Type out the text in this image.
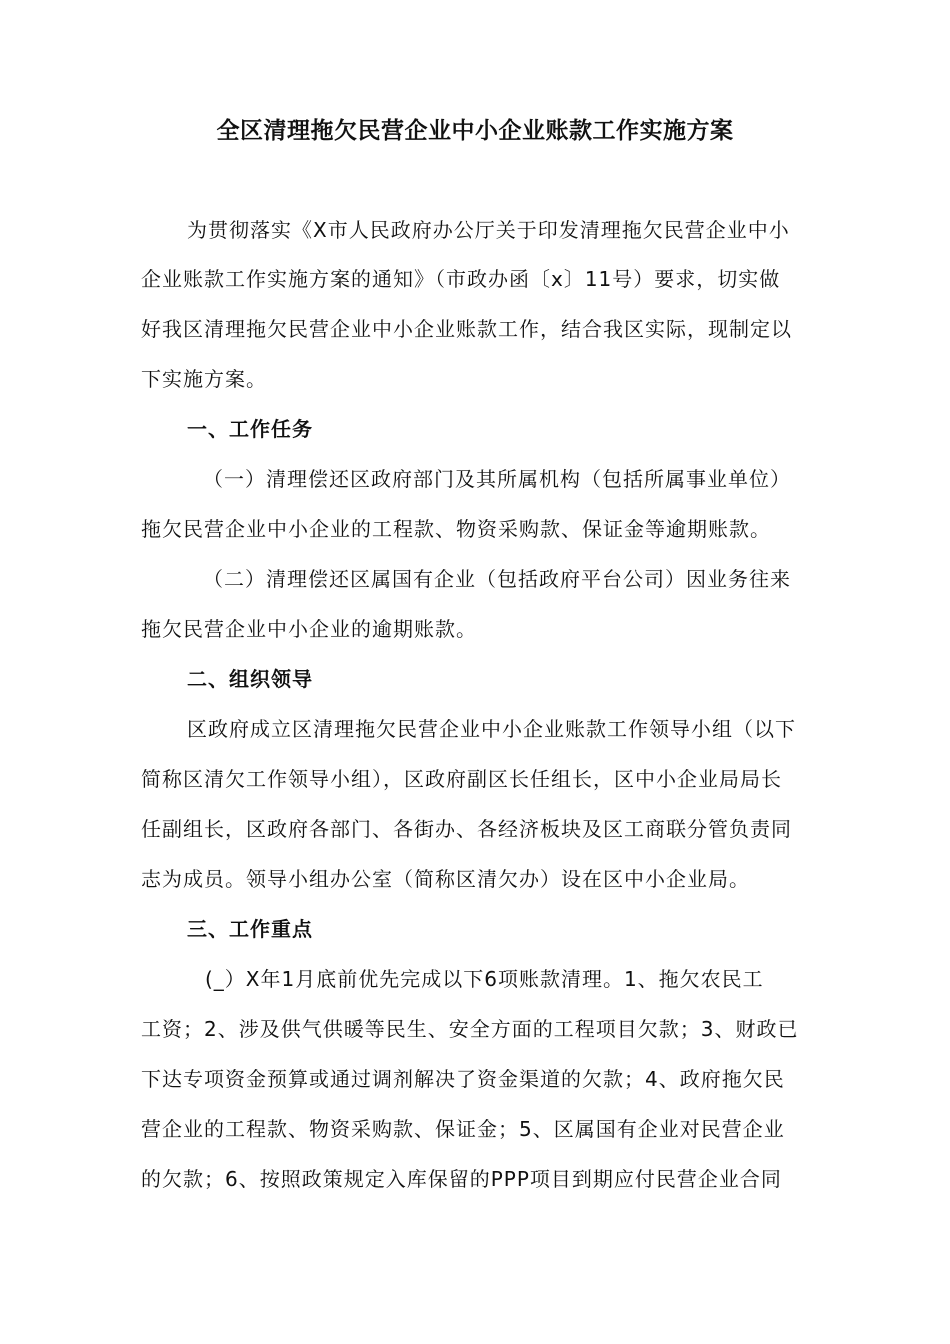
全区清理拖欠民营企业中小企业账款工作实施方案
为贯彻落实《X市人民政府办公厅关于印发清理拖欠民营企业中小
企业账款工作实施方案的通知》（市政办函〔x〕11号）要求，切实做
好我区清理拖欠民营企业中小企业账款工作，结合我区实际，现制定以
下实施方案。
一、工作任务
（一）清理偿还区政府部门及其所属机构（包括所属事业单位）
拖欠民营企业中小企业的工程款、物资采购款、保证金等逾期账款。
（二）清理偿还区属国有企业（包括政府平台公司）因业务往来
拖欠民营企业中小企业的逾期账款。
二、组织领导
区政府成立区清理拖欠民营企业中小企业账款工作领导小组（以下
简称区清欠工作领导小组），区政府副区长任组长，区中小企业局局长
任副组长，区政府各部门、各街办、各经济板块及区工商联分管负责同
志为成员。领导小组办公室（简称区清欠办）设在区中小企业局。
三、工作重点
(_）X年1月底前优先完成以下6项账款清理。1、拖欠农民工
工资；2、涉及供气供暖等民生、安全方面的工程项目欠款；3、财政已
下达专项资金预算或通过调剂解决了资金渠道的欠款；4、政府拖欠民
营企业的工程款、物资采购款、保证金；5、区属国有企业对民营企业
的欠款；6、按照政策规定入库保留的PPP项目到期应付民营企业合同
